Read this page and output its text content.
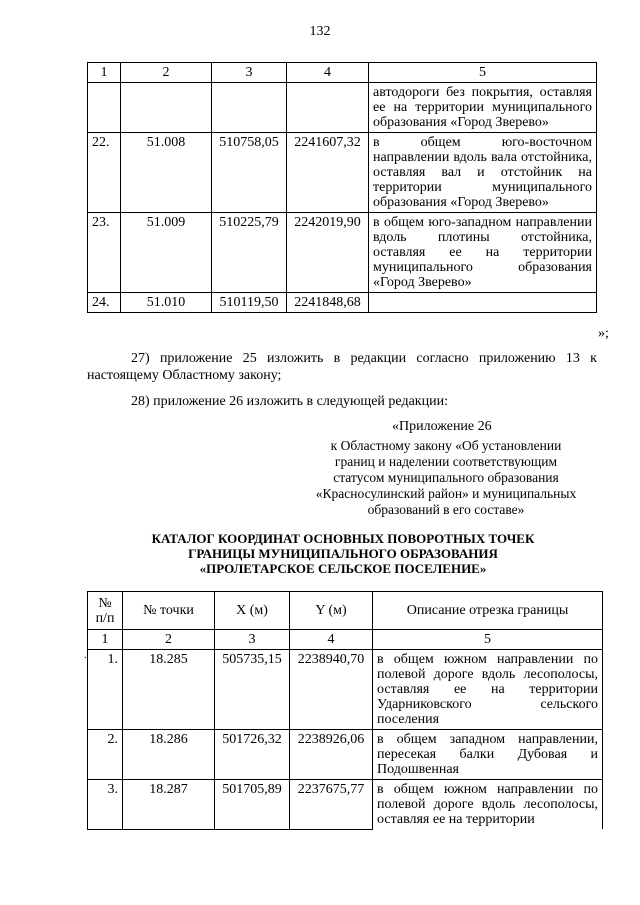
132
1	2	3	4	5
				автодороги без покрытия, оставляя ее на территории муниципального образования «Город Зверево»
22.	51.008	510758,05	2241607,32	в общем юго-восточном направлении вдоль вала отстойника, оставляя вал и отстойник на территории муниципального образования «Город Зверево»
23.	51.009	510225,79	2242019,90	в общем юго-западном направлении вдоль плотины отстойника, оставляя ее на территории муниципального образования «Город Зверево»
24.	51.010	510119,50	2241848,68	
»;
27) приложение 25 изложить в редакции согласно приложению 13 к настоящему Областному закону;
28) приложение 26 изложить в следующей редакции:
«Приложение 26
к Областному закону «Об установлении
границ и наделении соответствующим
статусом муниципального образования
«Красносулинский район» и муниципальных
образований в его составе»
КАТАЛОГ КООРДИНАТ ОСНОВНЫХ ПОВОРОТНЫХ ТОЧЕК
ГРАНИЦЫ МУНИЦИПАЛЬНОГО ОБРАЗОВАНИЯ
«ПРОЛЕТАРСКОЕ СЕЛЬСКОЕ ПОСЕЛЕНИЕ»
№ п/п	№ точки	X (м)	Y (м)	Описание отрезка границы
1	2	3	4	5
1.	18.285	505735,15	2238940,70	в общем южном направлении по полевой дороге вдоль лесополосы, оставляя ее на территории Ударниковского сельского поселения
2.	18.286	501726,32	2238926,06	в общем западном направлении, пересекая балки Дубовая и Подошвенная
3.	18.287	501705,89	2237675,77	в общем южном направлении по полевой дороге вдоль лесополосы, оставляя ее на территории
.
